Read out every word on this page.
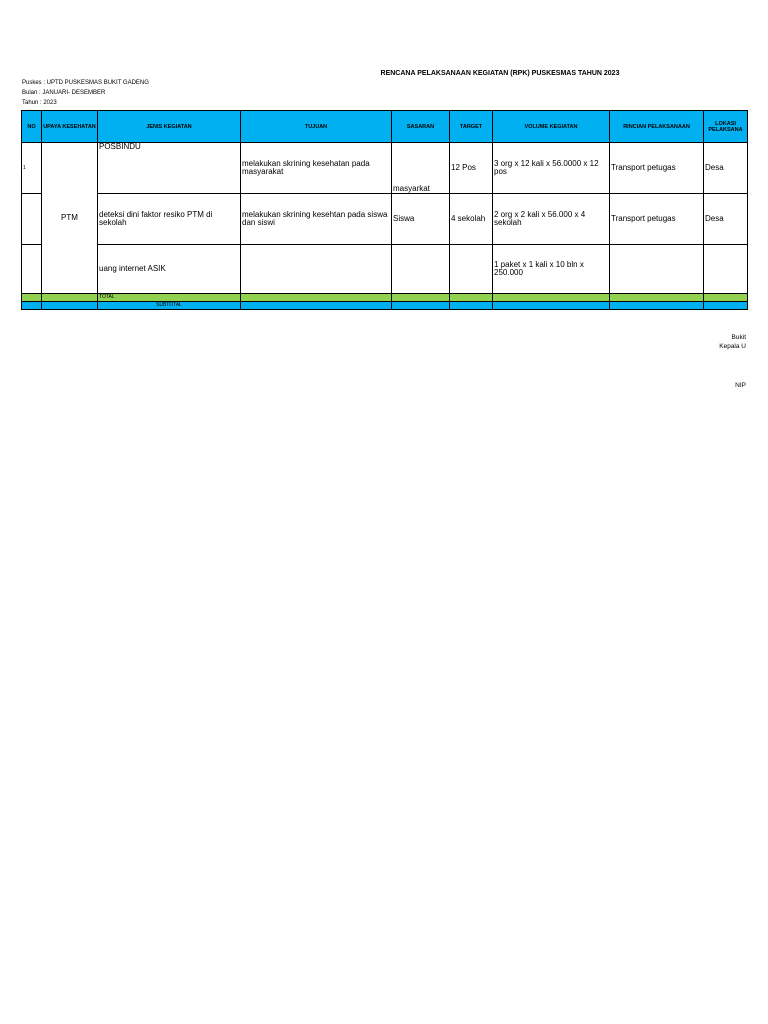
RENCANA PELAKSANAAN KEGIATAN (RPK) PUSKESMAS TAHUN 2023
Puskes : UPTD PUSKESMAS BUKIT GADENG
Bulan : JANUARI- DESEMBER
Tahun : 2023
NO	UPAYA KESEHATAN	JENIS KEGIATAN	TUJUAN	SASARAN	TARGET	VOLUME KEGIATAN	RINCIAN PELAKSANAAN	LOKASI PELAKSANA
1	PTM	POSBINDU	melakukan skrining kesehatan pada masyarakat	masyarkat	12 Pos	3 org x 12 kali x 56.0000 x 12 pos	Transport petugas	Desa
		deteksi dini faktor resiko PTM di sekolah	melakukan skrining kesehtan pada siswa dan siswi	Siswa	4 sekolah	2 org x 2 kali x 56.000 x 4 sekolah	Transport petugas	Desa
		uang internet ASIK				1 paket x 1 kali x 10 bln x 250.000		
		TOTAL						
		SUBTOTAL						
Bukit
Kepala U
NIP
